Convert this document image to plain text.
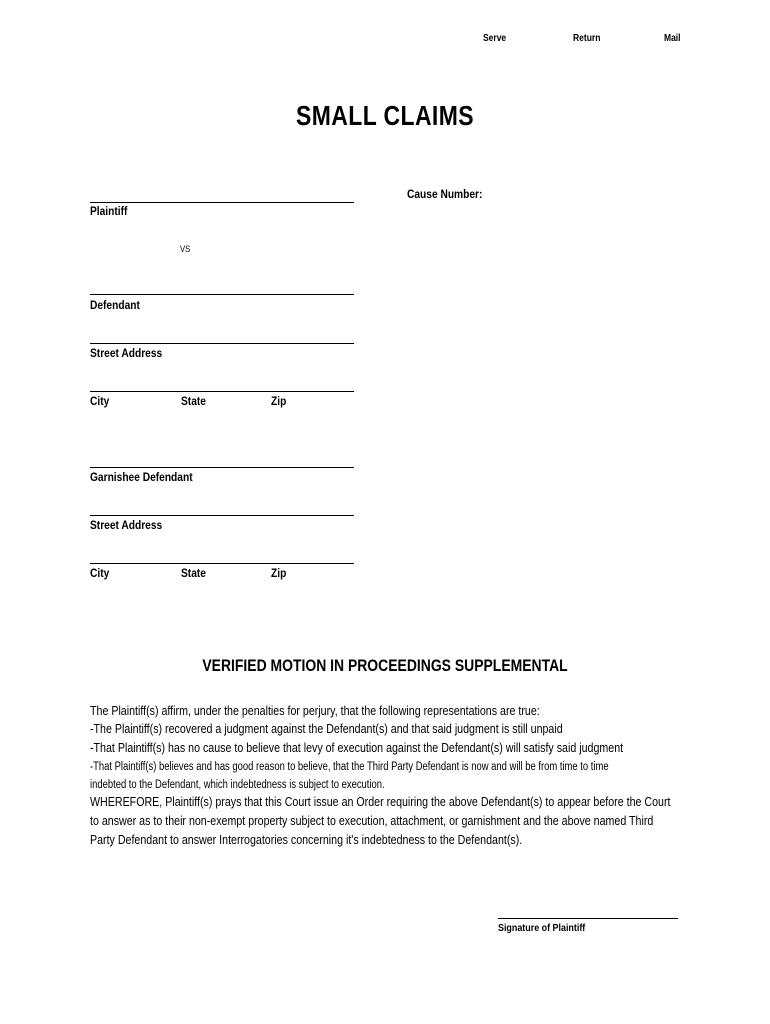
Serve	Return	Mail
SMALL CLAIMS
Plaintiff
Cause Number:
VS
Defendant
Street Address
City	State	Zip
Garnishee Defendant
Street Address
City	State	Zip
VERIFIED MOTION IN PROCEEDINGS SUPPLEMENTAL
The Plaintiff(s) affirm, under the penalties for perjury, that the following representations are true:
-The Plaintiff(s) recovered a judgment against the Defendant(s) and that said judgment is still unpaid
-That Plaintiff(s) has no cause to believe that levy of execution against the Defendant(s) will satisfy said judgment
-That Plaintiff(s) believes and has good reason to believe, that the Third Party Defendant is now and will be from time to time
indebted to the Defendant, which indebtedness is subject to execution.
WHEREFORE, Plaintiff(s) prays that this Court issue an Order requiring the above Defendant(s) to appear before the Court
to answer as to their non-exempt property subject to execution, attachment, or garnishment and the above named Third
Party Defendant to answer Interrogatories concerning it's indebtedness to the Defendant(s).
Signature of Plaintiff
